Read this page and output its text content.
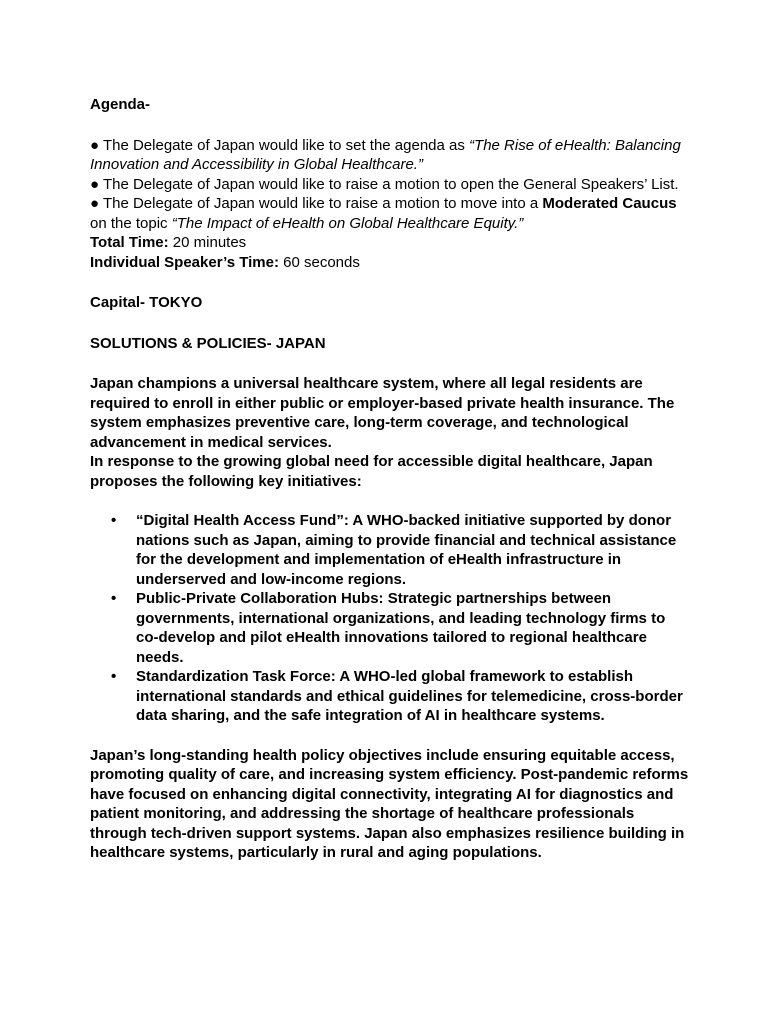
Agenda-

● The Delegate of Japan would like to set the agenda as “The Rise of eHealth: Balancing Innovation and Accessibility in Global Healthcare.”

● The Delegate of Japan would like to raise a motion to open the General Speakers’ List.

● The Delegate of Japan would like to raise a motion to move into a Moderated Caucus on the topic “The Impact of eHealth on Global Healthcare Equity.”

Total Time: 20 minutes

Individual Speaker’s Time: 60 seconds

Capital- TOKYO

SOLUTIONS & POLICIES- JAPAN

Japan champions a universal healthcare system, where all legal residents are required to enroll in either public or employer-based private health insurance. The system emphasizes preventive care, long-term coverage, and technological advancement in medical services.

In response to the growing global need for accessible digital healthcare, Japan proposes the following key initiatives:

• “Digital Health Access Fund”: A WHO-backed initiative supported by donor nations such as Japan, aiming to provide financial and technical assistance for the development and implementation of eHealth infrastructure in underserved and low-income regions.
• Public-Private Collaboration Hubs: Strategic partnerships between governments, international organizations, and leading technology firms to co-develop and pilot eHealth innovations tailored to regional healthcare needs.
• Standardization Task Force: A WHO-led global framework to establish international standards and ethical guidelines for telemedicine, cross-border data sharing, and the safe integration of AI in healthcare systems.

Japan’s long-standing health policy objectives include ensuring equitable access, promoting quality of care, and increasing system efficiency. Post-pandemic reforms have focused on enhancing digital connectivity, integrating AI for diagnostics and patient monitoring, and addressing the shortage of healthcare professionals through tech-driven support systems. Japan also emphasizes resilience building in healthcare systems, particularly in rural and aging populations.
